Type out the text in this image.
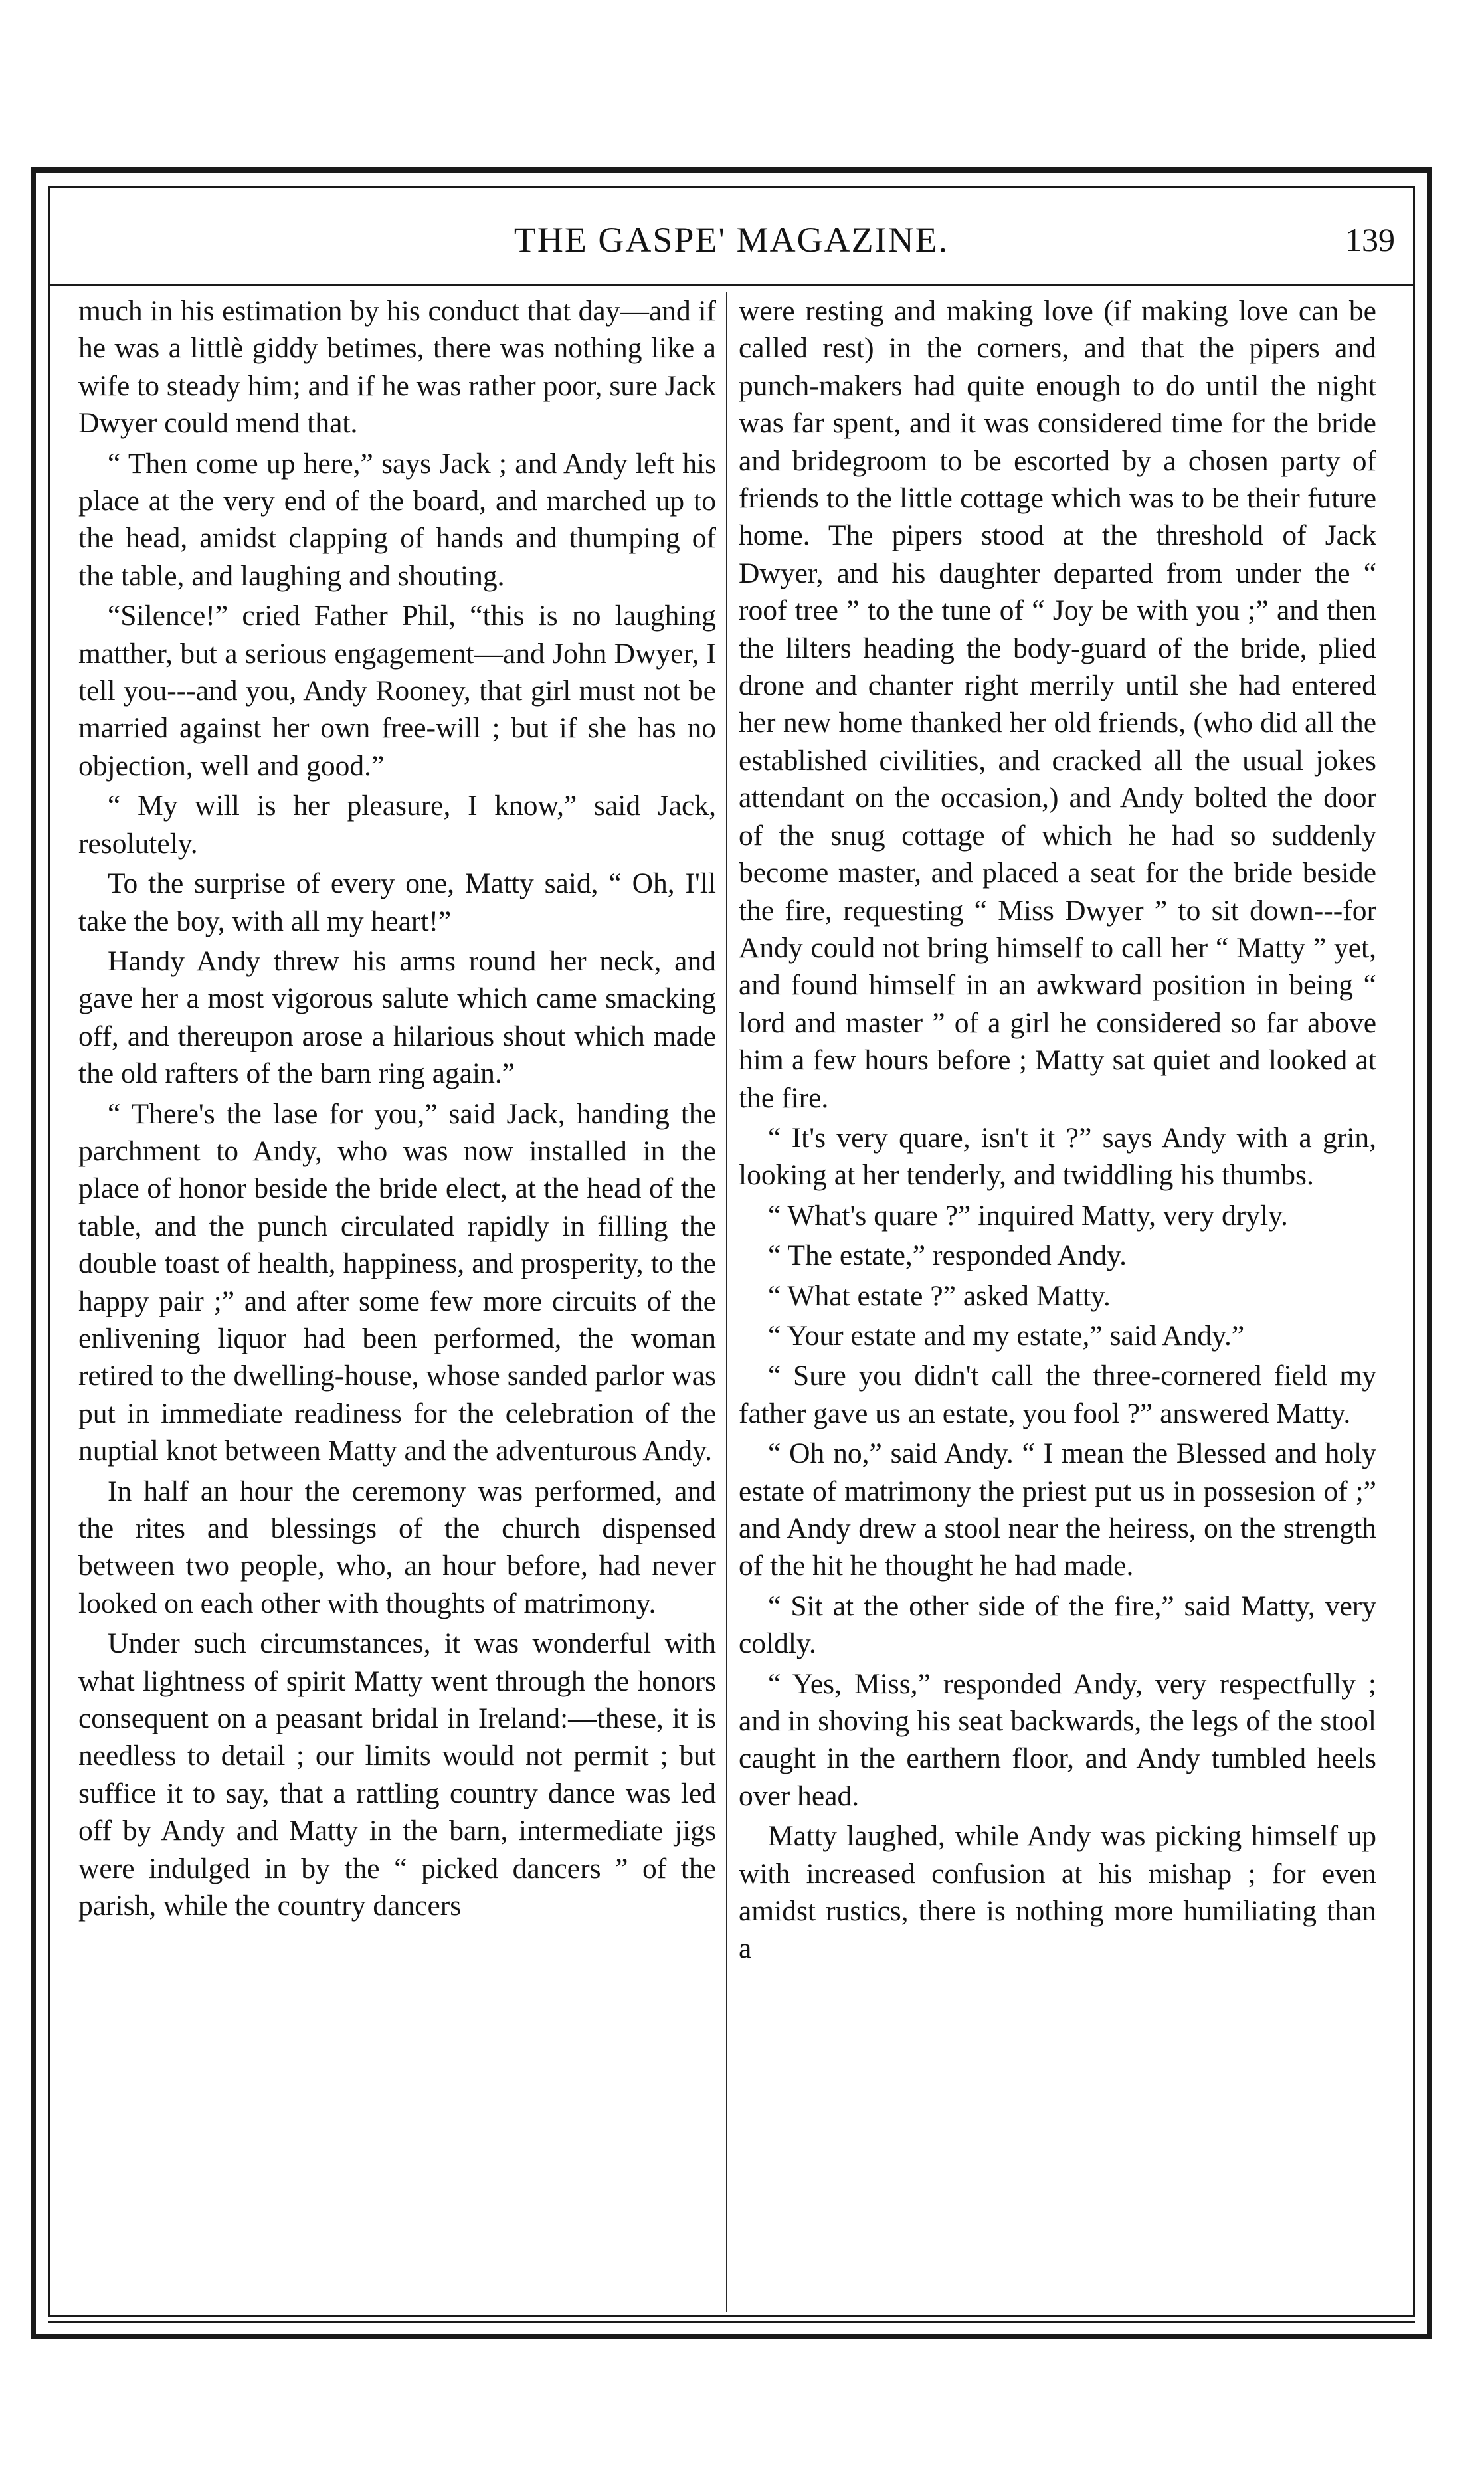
THE GASPE' MAGAZINE.	139

much in his estimation by his conduct that day—and if he was a littlè giddy betimes, there was nothing like a wife to steady him; and if he was rather poor, sure Jack Dwyer could mend that.

“ Then come up here,” says Jack ; and Andy left his place at the very end of the board, and marched up to the head, amidst clapping of hands and thumping of the table, and laughing and shouting.

“Silence!” cried Father Phil, “this is no laughing matther, but a serious engagement—and John Dwyer, I tell you---and you, Andy Rooney, that girl must not be married against her own free-will ; but if she has no objection, well and good.”

“ My will is her pleasure, I know,” said Jack, resolutely.

To the surprise of every one, Matty said, “ Oh, I'll take the boy, with all my heart!”

Handy Andy threw his arms round her neck, and gave her a most vigorous salute which came smacking off, and thereupon arose a hilarious shout which made the old rafters of the barn ring again.”

“ There's the lase for you,” said Jack, handing the parchment to Andy, who was now installed in the place of honor beside the bride elect, at the head of the table, and the punch circulated rapidly in filling the double toast of health, happiness, and prosperity, to the happy pair ;” and after some few more circuits of the enlivening liquor had been performed, the woman retired to the dwelling-house, whose sanded parlor was put in immediate readiness for the celebration of the nuptial knot between Matty and the adventurous Andy.

In half an hour the ceremony was performed, and the rites and blessings of the church dispensed between two people, who, an hour before, had never looked on each other with thoughts of matrimony.

Under such circumstances, it was wonderful with what lightness of spirit Matty went through the honors consequent on a peasant bridal in Ireland:—these, it is needless to detail ; our limits would not permit ; but suffice it to say, that a rattling country dance was led off by Andy and Matty in the barn, intermediate jigs were indulged in by the “ picked dancers ” of the parish, while the country dancers

were resting and making love (if making love can be called rest) in the corners, and that the pipers and punch-makers had quite enough to do until the night was far spent, and it was considered time for the bride and bridegroom to be escorted by a chosen party of friends to the little cottage which was to be their future home. The pipers stood at the threshold of Jack Dwyer, and his daughter departed from under the “ roof tree ” to the tune of “ Joy be with you ;” and then the lilters heading the body-guard of the bride, plied drone and chanter right merrily until she had entered her new home thanked her old friends, (who did all the established civilities, and cracked all the usual jokes attendant on the occasion,) and Andy bolted the door of the snug cottage of which he had so suddenly become master, and placed a seat for the bride beside the fire, requesting “ Miss Dwyer ” to sit down---for Andy could not bring himself to call her “ Matty ” yet, and found himself in an awkward position in being “ lord and master ” of a girl he considered so far above him a few hours before ; Matty sat quiet and looked at the fire.

“ It's very quare, isn't it ?” says Andy with a grin, looking at her tenderly, and twiddling his thumbs.

“ What's quare ?” inquired Matty, very dryly.

“ The estate,” responded Andy.

“ What estate ?” asked Matty.

“ Your estate and my estate,” said Andy.”

“ Sure you didn't call the three-cornered field my father gave us an estate, you fool ?” answered Matty.

“ Oh no,” said Andy. “ I mean the Blessed and holy estate of matrimony the priest put us in possesion of ;” and Andy drew a stool near the heiress, on the strength of the hit he thought he had made.

“ Sit at the other side of the fire,” said Matty, very coldly.

“ Yes, Miss,” responded Andy, very respectfully ; and in shoving his seat backwards, the legs of the stool caught in the earthern floor, and Andy tumbled heels over head.

Matty laughed, while Andy was picking himself up with increased confusion at his mishap ; for even amidst rustics, there is nothing more humiliating than a
